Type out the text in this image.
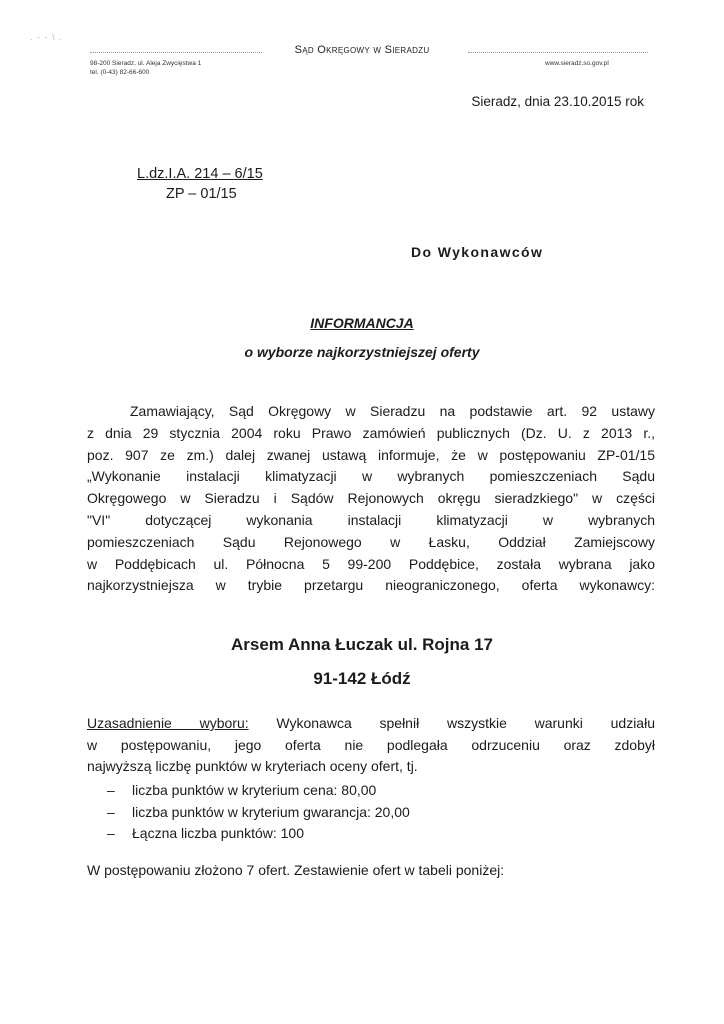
. - - \ .
Sąd Okręgowy w Sieradzu
98-200 Sieradz, ul. Aleja Zwycięstwa 1
tel. (0-43) 82-66-600
www.sieradz.so.gov.pl
Sieradz, dnia 23.10.2015 rok
L.dz.I.A. 214 – 6/15
ZP – 01/15
Do Wykonawców
INFORMANCJA
o wyborze najkorzystniejszej oferty
Zamawiający, Sąd Okręgowy w Sieradzu na podstawie art. 92 ustawy
z dnia 29 stycznia 2004 roku Prawo zamówień publicznych (Dz. U. z 2013 r.,
poz. 907 ze zm.) dalej zwanej ustawą informuje, że w postępowaniu ZP-01/15
„Wykonanie instalacji klimatyzacji w wybranych pomieszczeniach Sądu
Okręgowego w Sieradzu i Sądów Rejonowych okręgu sieradzkiego" w części
"VI" dotyczącej wykonania instalacji klimatyzacji w wybranych
pomieszczeniach Sądu Rejonowego w Łasku, Oddział Zamiejscowy
w Poddębicach ul. Północna 5 99-200 Poddębice, została wybrana jako
najkorzystniejsza w trybie przetargu nieograniczonego, oferta wykonawcy:
Arsem Anna Łuczak ul. Rojna 17
91-142 Łódź
Uzasadnienie wyboru: Wykonawca spełnił wszystkie warunki udziału
w postępowaniu, jego oferta nie podlegała odrzuceniu oraz zdobył
najwyższą liczbę punktów w kryteriach oceny ofert, tj.
–	liczba punktów w kryterium cena: 80,00
–	liczba punktów w kryterium gwarancja: 20,00
–	Łączna liczba punktów: 100
W postępowaniu złożono 7 ofert. Zestawienie ofert w tabeli poniżej:
